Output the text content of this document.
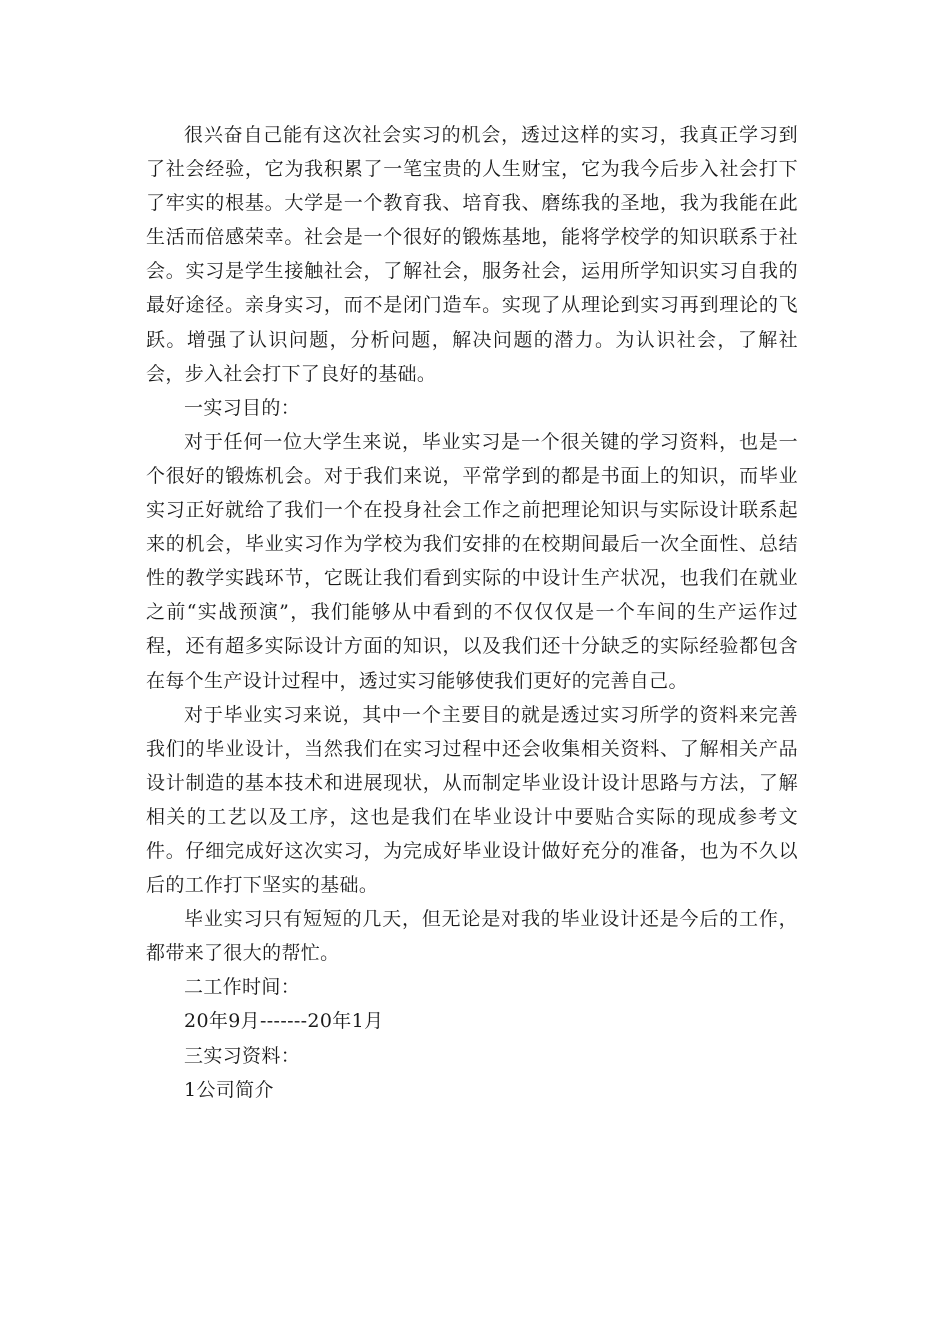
很兴奋自己能有这次社会实习的机会，透过这样的实习，我真正学习到了社会经验，它为我积累了一笔宝贵的人生财宝，它为我今后步入社会打下了牢实的根基。大学是一个教育我、培育我、磨练我的圣地，我为我能在此生活而倍感荣幸。社会是一个很好的锻炼基地，能将学校学的知识联系于社会。实习是学生接触社会，了解社会，服务社会，运用所学知识实习自我的最好途径。亲身实习，而不是闭门造车。实现了从理论到实习再到理论的飞跃。增强了认识问题，分析问题，解决问题的潜力。为认识社会，了解社会，步入社会打下了良好的基础。

一实习目的：

对于任何一位大学生来说，毕业实习是一个很关键的学习资料，也是一个很好的锻炼机会。对于我们来说，平常学到的都是书面上的知识，而毕业实习正好就给了我们一个在投身社会工作之前把理论知识与实际设计联系起来的机会，毕业实习作为学校为我们安排的在校期间最后一次全面性、总结性的教学实践环节，它既让我们看到实际的中设计生产状况，也我们在就业之前“实战预演”，我们能够从中看到的不仅仅仅是一个车间的生产运作过程，还有超多实际设计方面的知识，以及我们还十分缺乏的实际经验都包含在每个生产设计过程中，透过实习能够使我们更好的完善自己。

对于毕业实习来说，其中一个主要目的就是透过实习所学的资料来完善我们的毕业设计，当然我们在实习过程中还会收集相关资料、了解相关产品设计制造的基本技术和进展现状，从而制定毕业设计设计思路与方法，了解相关的工艺以及工序，这也是我们在毕业设计中要贴合实际的现成参考文件。仔细完成好这次实习，为完成好毕业设计做好充分的准备，也为不久以后的工作打下坚实的基础。

毕业实习只有短短的几天，但无论是对我的毕业设计还是今后的工作，都带来了很大的帮忙。

二工作时间：

20年9月-------20年1月

三实习资料：

1公司简介
